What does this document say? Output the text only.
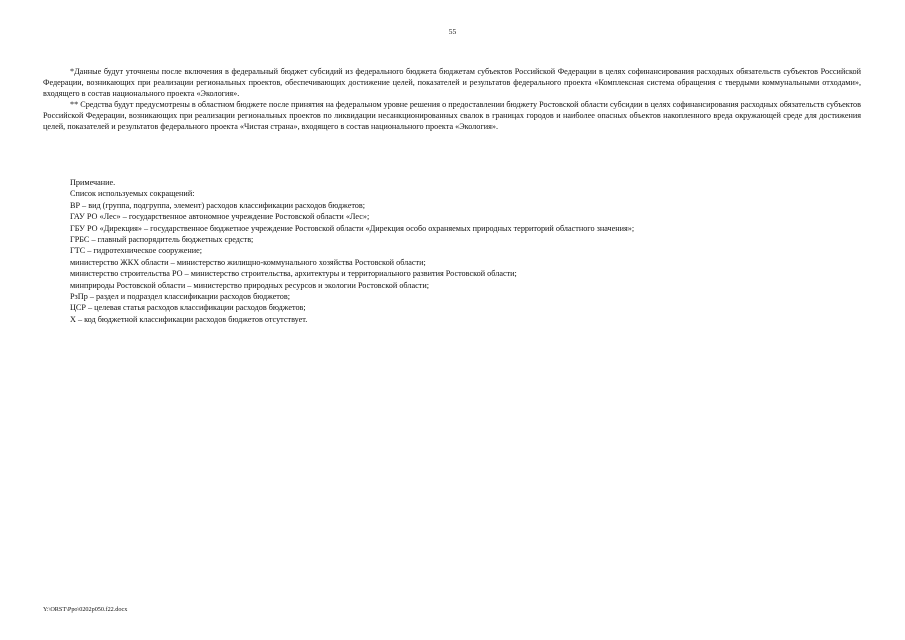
55

*Данные будут уточнены после включения в федеральный бюджет субсидий из федерального бюджета бюджетам субъектов Российской Федерации в целях софинансирования расходных обязательств субъектов Российской Федерации, возникающих при реализации региональных проектов, обеспечивающих достижение целей, показателей и результатов федерального проекта «Комплексная система обращения с твердыми коммунальными отходами», входящего в состав национального проекта «Экология».

** Средства будут предусмотрены в областном бюджете после принятия на федеральном уровне решения о предоставлении бюджету Ростовской области субсидии в целях софинансирования расходных обязательств субъектов Российской Федерации, возникающих при реализации региональных проектов по ликвидации несанкционированных свалок в границах городов и наиболее опасных объектов накопленного вреда окружающей среде для достижения целей, показателей и результатов федерального проекта «Чистая страна», входящего в состав национального проекта «Экология».

Примечание.
Список используемых сокращений:
ВР – вид (группа, подгруппа, элемент) расходов классификации расходов бюджетов;
ГАУ РО «Лес» – государственное автономное учреждение Ростовской области «Лес»;
ГБУ РО «Дирекция» – государственное бюджетное учреждение Ростовской области «Дирекция особо охраняемых природных территорий областного значения»;
ГРБС – главный распорядитель бюджетных средств;
ГТС – гидротехническое сооружение;
министерство ЖКХ области – министерство жилищно-коммунального хозяйства Ростовской области;
министерство строительства РО – министерство строительства, архитектуры и территориального развития Ростовской области;
минприроды Ростовской области – министерство природных ресурсов и экологии Ростовской области;
РзПр – раздел и подраздел классификации расходов бюджетов;
ЦСР – целевая статья расходов классификации расходов бюджетов;
Х – код бюджетной классификации расходов бюджетов отсутствует.
Y:\ORST\Ppo\0202p050.f22.docx
